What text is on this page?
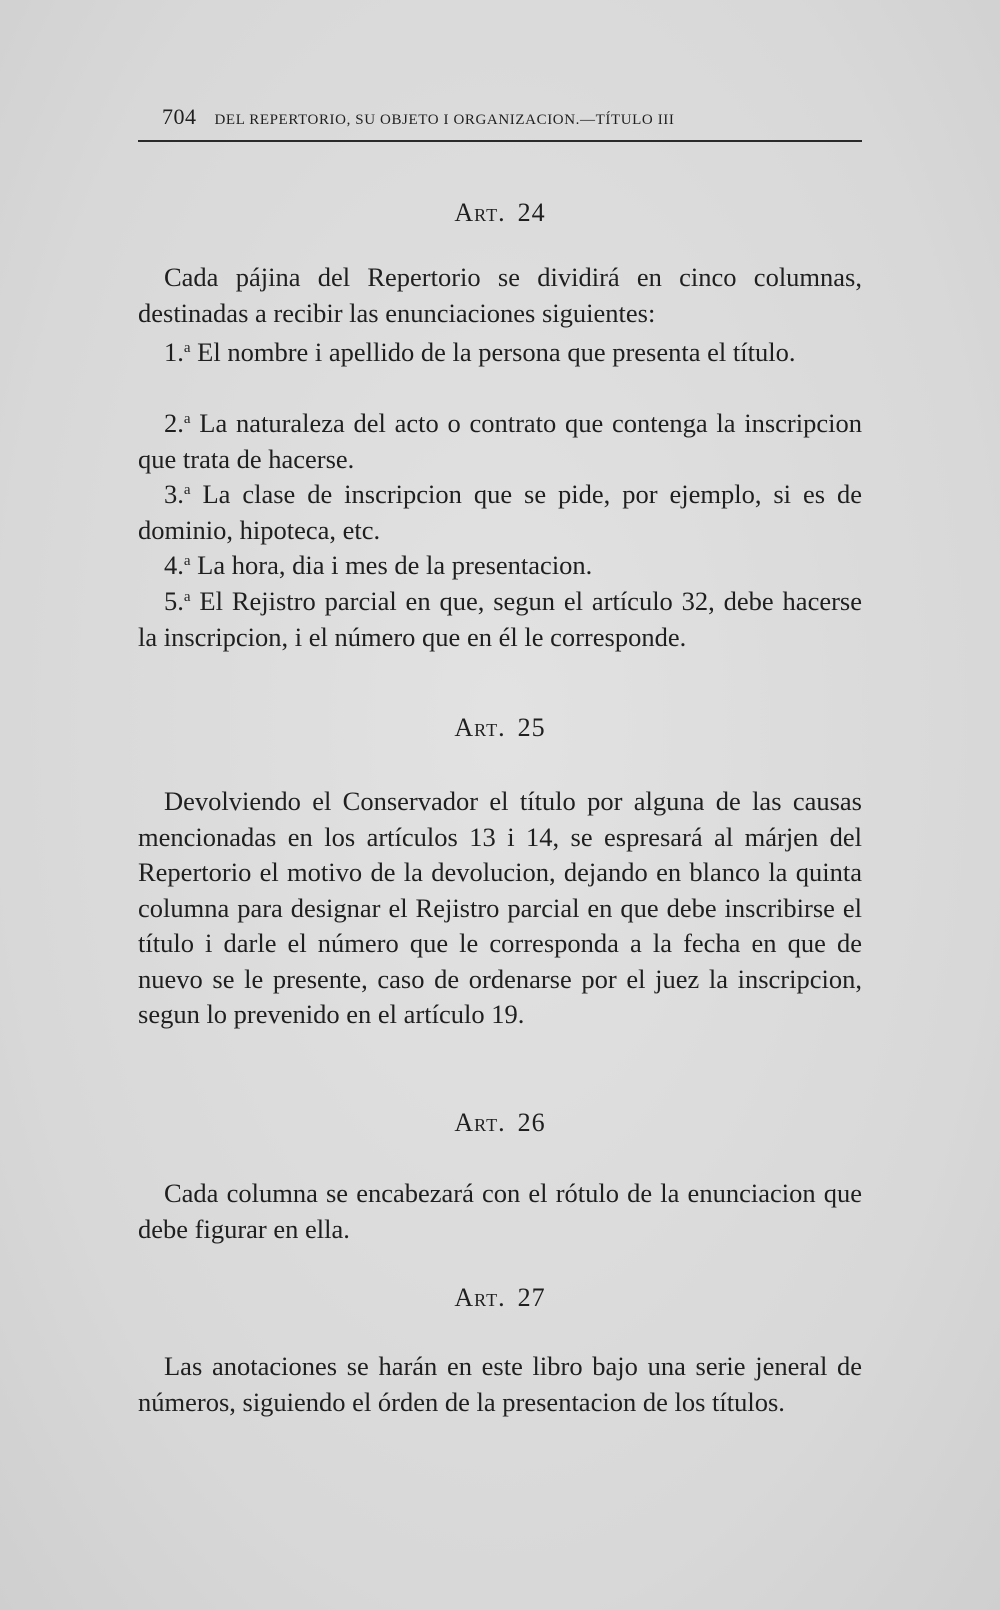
704 DEL REPERTORIO, SU OBJETO I ORGANIZACION.—TÍTULO III
Art. 24

Cada pájina del Repertorio se dividirá en cinco columnas, destinadas a recibir las enunciaciones siguientes:

1.$^a$ El nombre i apellido de la persona que presenta el título.

2.$^a$ La naturaleza del acto o contrato que contenga la inscripcion que trata de hacerse.

3.$^a$ La clase de inscripcion que se pide, por ejemplo, si es de dominio, hipoteca, etc.

4.$^a$ La hora, dia i mes de la presentacion.

5.$^a$ El Rejistro parcial en que, segun el artículo 32, debe hacerse la inscripcion, i el número que en él le corresponde.

Art. 25

Devolviendo el Conservador el título por alguna de las causas mencionadas en los artículos 13 i 14, se espresará al márjen del Repertorio el motivo de la devolucion, dejando en blanco la quinta columna para designar el Rejistro parcial en que debe inscribirse el título i darle el número que le corresponda a la fecha en que de nuevo se le presente, caso de ordenarse por el juez la inscripcion, segun lo prevenido en el artículo 19.

Art. 26

Cada columna se encabezará con el rótulo de la enunciacion que debe figurar en ella.

Art. 27

Las anotaciones se harán en este libro bajo una serie jeneral de números, siguiendo el órden de la presentacion de los títulos.
